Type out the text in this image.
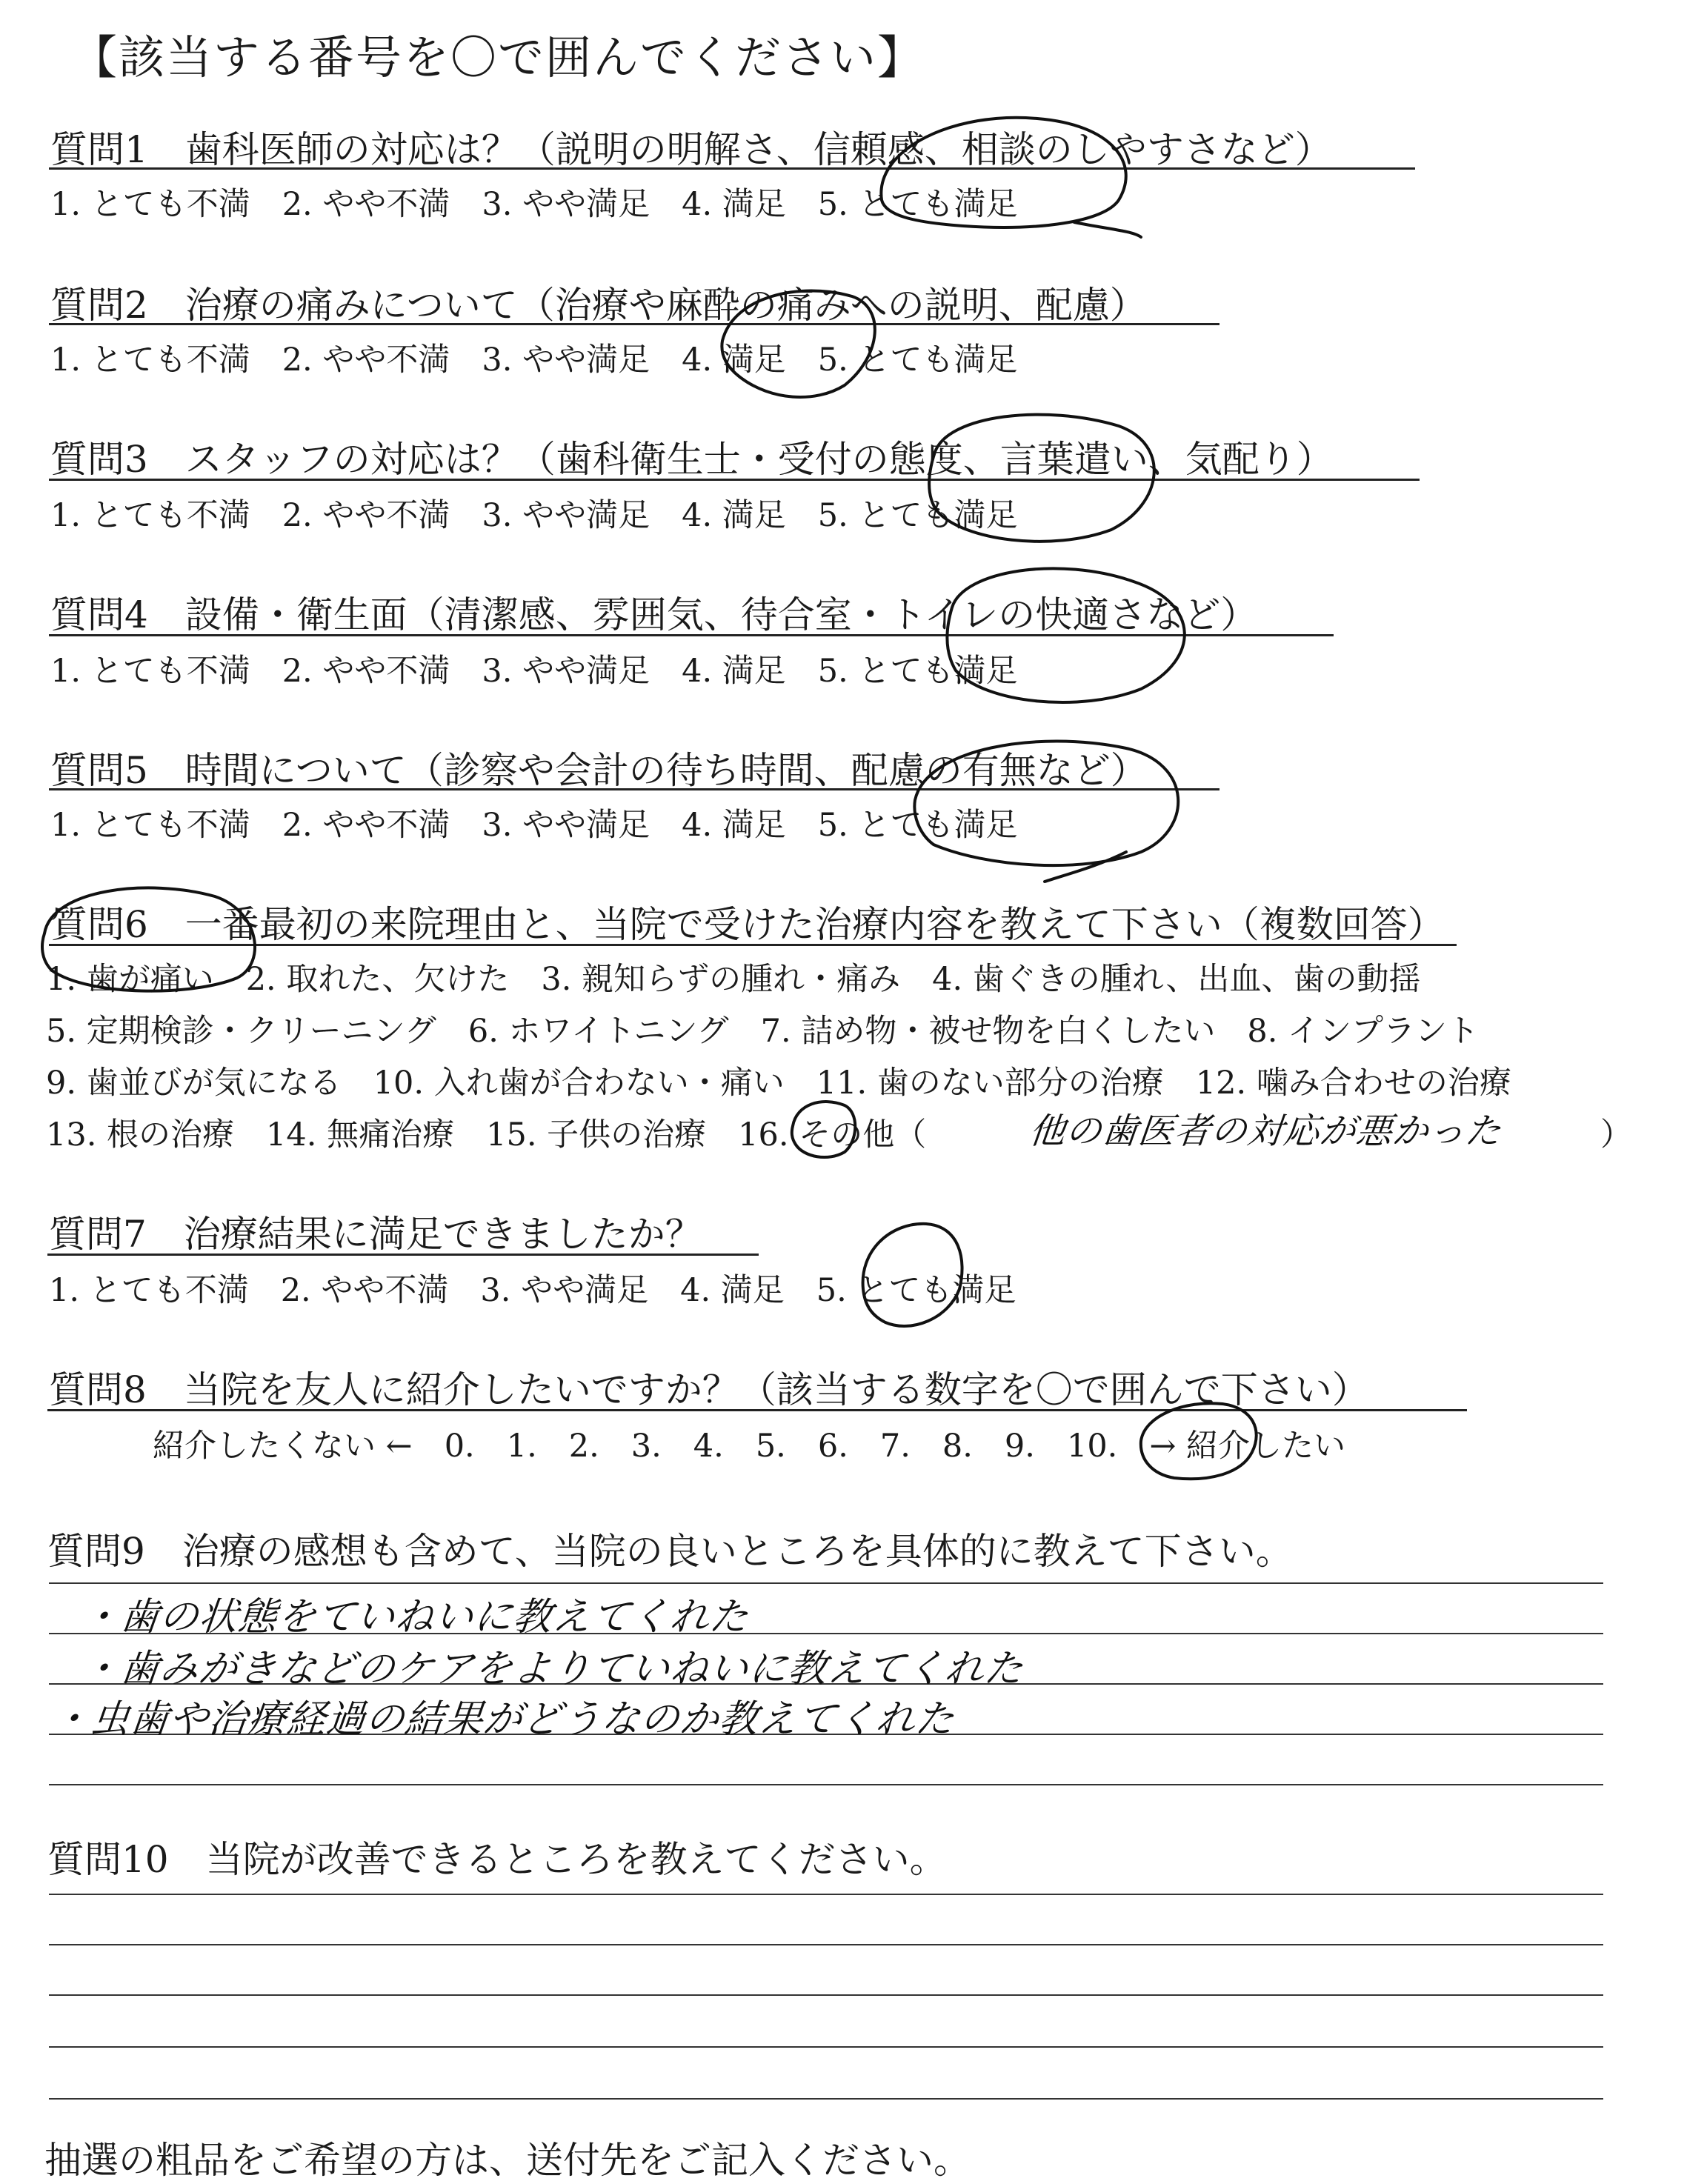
【該当する番号を〇で囲んでください】
質問1　歯科医師の対応は？（説明の明解さ、信頼感、相談のしやすさなど）
1. とても不満　2. やや不満　3. やや満足　4. 満足　5. とても満足
質問2　治療の痛みについて（治療や麻酔の痛みへの説明、配慮）
1. とても不満　2. やや不満　3. やや満足　4. 満足　5. とても満足
質問3　スタッフの対応は？（歯科衛生士・受付の態度、言葉遣い、気配り）
1. とても不満　2. やや不満　3. やや満足　4. 満足　5. とても満足
質問4　設備・衛生面（清潔感、雰囲気、待合室・トイレの快適さなど）
1. とても不満　2. やや不満　3. やや満足　4. 満足　5. とても満足
質問5　時間について（診察や会計の待ち時間、配慮の有無など）
1. とても不満　2. やや不満　3. やや満足　4. 満足　5. とても満足
質問6　一番最初の来院理由と、当院で受けた治療内容を教えて下さい（複数回答）
1. 歯が痛い　2. 取れた、欠けた　3. 親知らずの腫れ・痛み　4. 歯ぐきの腫れ、出血、歯の動揺
5. 定期検診・クリーニング　6. ホワイトニング　7. 詰め物・被せ物を白くしたい　8. インプラント
9. 歯並びが気になる　10. 入れ歯が合わない・痛い　11. 歯のない部分の治療　12. 噛み合わせの治療
13. 根の治療　14. 無痛治療　15. 子供の治療　16. その他（	他の歯医者の対応が悪かった	）
質問7　治療結果に満足できましたか？
1. とても不満　2. やや不満　3. やや満足　4. 満足　5. とても満足
質問8　当院を友人に紹介したいですか？（該当する数字を〇で囲んで下さい）
紹介したくない ←　0.　1.　2.　3.　4.　5.　6.　7.　8.　9.　10.　→ 紹介したい
質問9　治療の感想も含めて、当院の良いところを具体的に教えて下さい。
・歯の状態をていねいに教えてくれた
・歯みがきなどのケアをよりていねいに教えてくれた
・虫歯や治療経過の結果がどうなのか教えてくれた
質問10　当院が改善できるところを教えてください。
抽選の粗品をご希望の方は、送付先をご記入ください。
